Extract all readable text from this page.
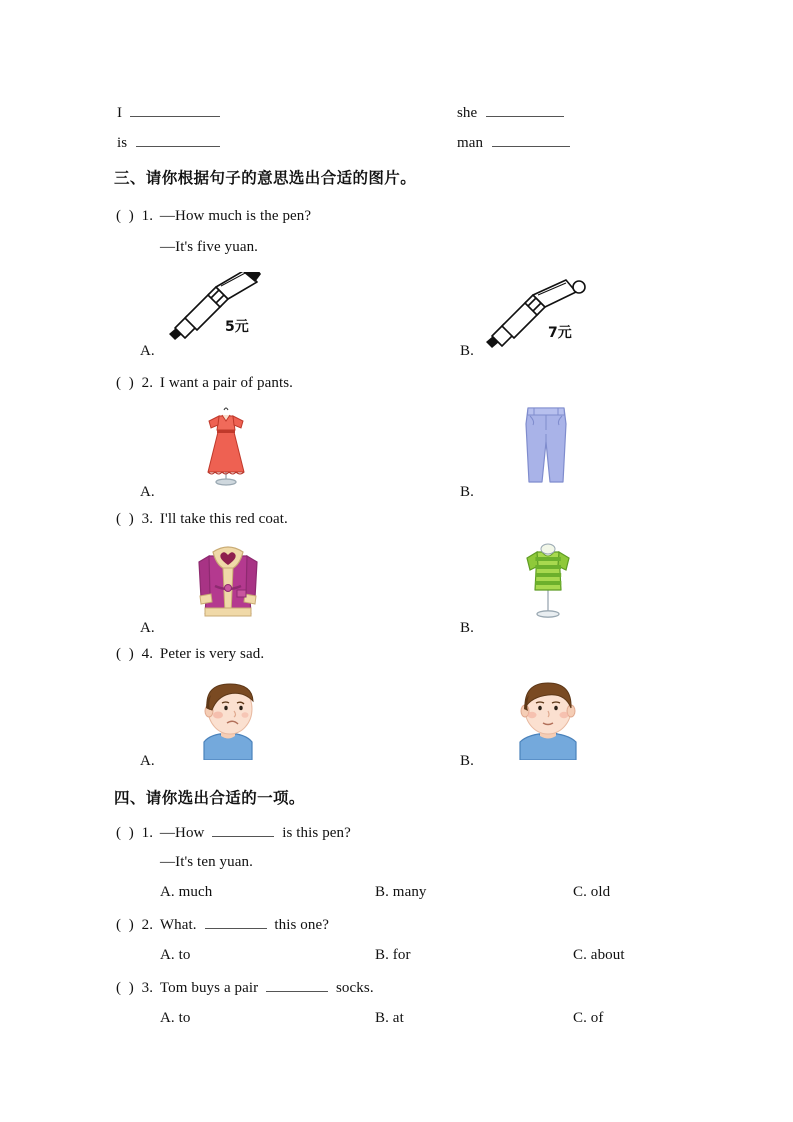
I
is
she
man
三、请你根据句子的意思选出合适的图片。
( ) 1. —How much is the pen?
—It's five yuan.
5元	7元
A.	B.
( ) 2. I want a pair of pants.
A.	B.
( ) 3. I'll take this red coat.
A.	B.
( ) 4. Peter is very sad.
A.	B.
四、请你选出合适的一项。
( ) 1. —How	is this pen?
—It's ten yuan.
A. much	B. many	C. old
( ) 2. What.	this one?
A. to	B. for	C. about
( ) 3. Tom buys a pair	socks.
A. to	B. at	C. of
